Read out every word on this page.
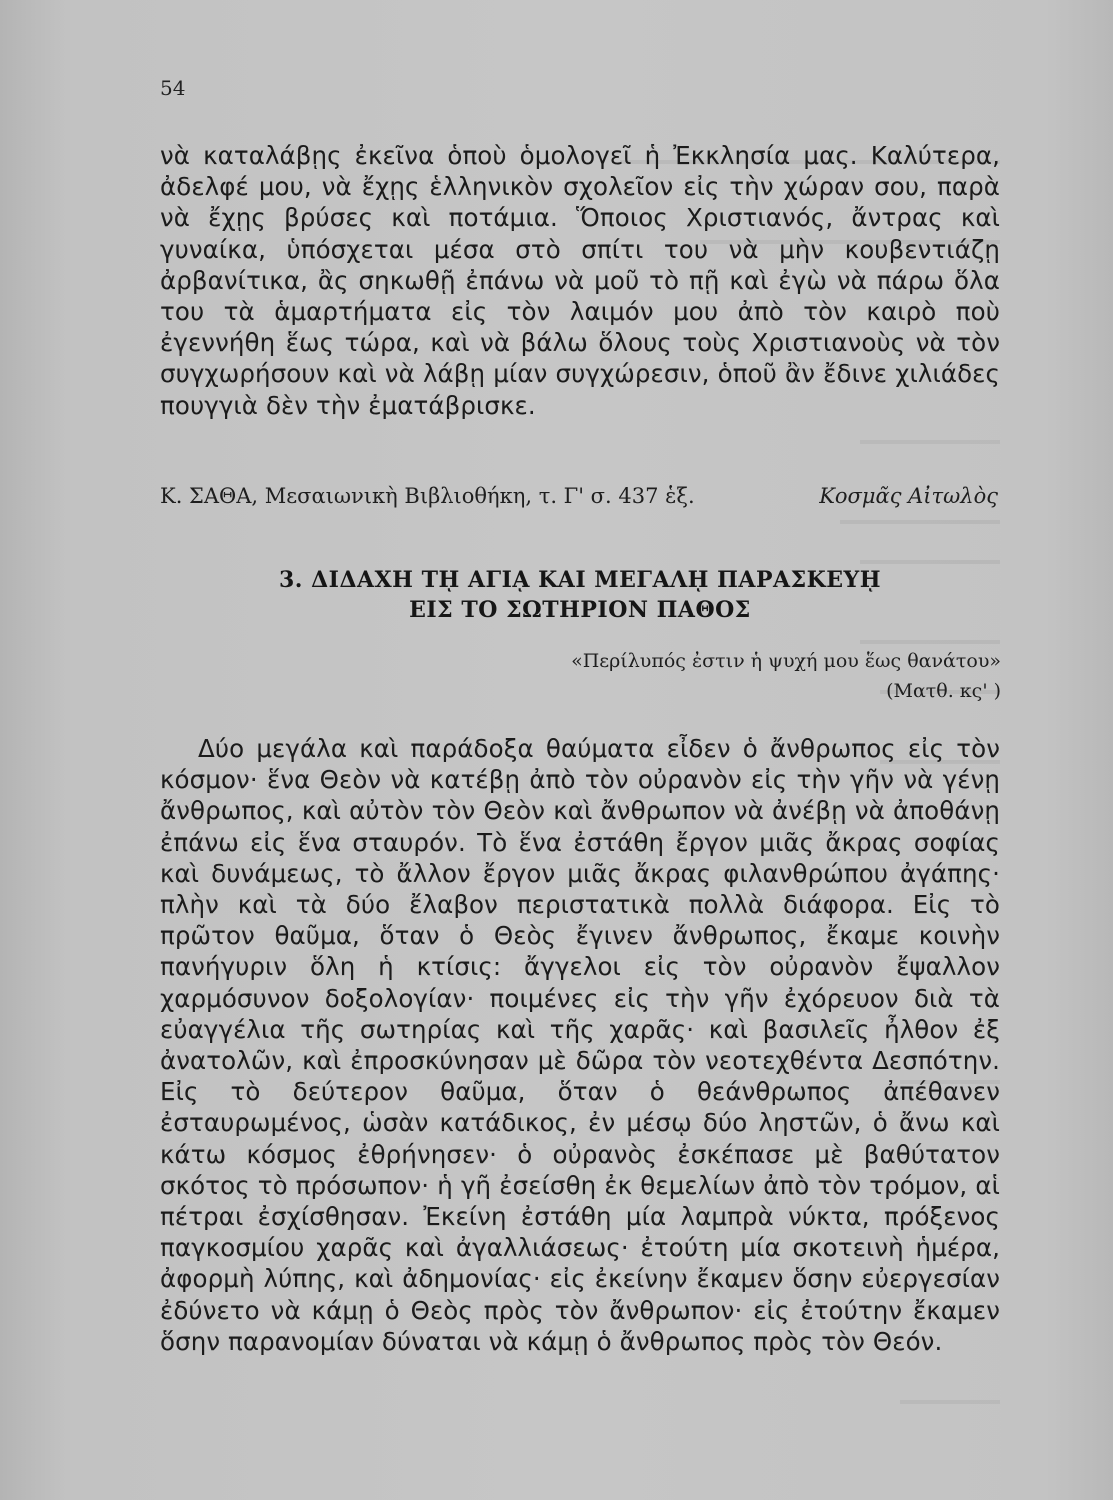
54
νὰ καταλάβῃς ἐκεῖνα ὁποὺ ὁμολογεῖ ἡ Ἐκκλησία μας. Καλύτερα, ἀδελφέ μου, νὰ ἔχῃς ἑλληνικὸν σχολεῖον εἰς τὴν χώραν σου, παρὰ νὰ ἔχῃς βρύσες καὶ ποτάμια. Ὅποιος Χριστιανός, ἄντρας καὶ γυναίκα, ὑπόσχεται μέσα στὸ σπίτι του νὰ μὴν κουβεντιάζῃ ἀρβανίτικα, ἂς σηκωθῇ ἐπάνω νὰ μοῦ τὸ πῇ καὶ ἐγὼ νὰ πάρω ὅλα του τὰ ἁμαρτήματα εἰς τὸν λαιμόν μου ἀπὸ τὸν καιρὸ ποὺ ἐγεννήθη ἕως τώρα, καὶ νὰ βάλω ὅλους τοὺς Χριστιανοὺς νὰ τὸν συγχωρήσουν καὶ νὰ λάβῃ μίαν συγχώρεσιν, ὁποῦ ἂν ἔδινε χιλιάδες πουγγιὰ δὲν τὴν ἐματάβρισκε.
Κ. ΣΑΘΑ, Μεσαιωνικὴ Βιβλιοθήκη, τ. Γ' σ. 437 ἑξ.	Κοσμᾶς Αἰτωλὸς
3. ΔΙΔΑΧΗ Τῌ ΑΓΙᾼ ΚΑΙ ΜΕΓΑΛῌ ΠΑΡΑΣΚΕΥῌ
ΕΙΣ ΤΟ ΣΩΤΗΡΙΟΝ ΠΑΘΟΣ
«Περίλυπός ἐστιν ἡ ψυχή μου ἕως θανάτου»
(Ματθ. κς' )
Δύο μεγάλα καὶ παράδοξα θαύματα εἶδεν ὁ ἄνθρωπος εἰς τὸν κόσμον· ἕνα Θεὸν νὰ κατέβῃ ἀπὸ τὸν οὐρανὸν εἰς τὴν γῆν νὰ γένῃ ἄνθρωπος, καὶ αὐτὸν τὸν Θεὸν καὶ ἄνθρωπον νὰ ἀνέβῃ νὰ ἀποθάνῃ ἐπάνω εἰς ἕνα σταυρόν. Τὸ ἕνα ἐστάθη ἔργον μιᾶς ἄκρας σοφίας καὶ δυνάμεως, τὸ ἄλλον ἔργον μιᾶς ἄκρας φιλανθρώπου ἀγάπης· πλὴν καὶ τὰ δύο ἔλαβον περιστατικὰ πολλὰ διάφορα. Εἰς τὸ πρῶτον θαῦμα, ὅταν ὁ Θεὸς ἔγινεν ἄνθρωπος, ἔκαμε κοινὴν πανήγυριν ὅλη ἡ κτίσις: ἄγγελοι εἰς τὸν οὐρανὸν ἔψαλλον χαρμόσυνον δοξολογίαν· ποιμένες εἰς τὴν γῆν ἐχόρευον διὰ τὰ εὐαγγέλια τῆς σωτηρίας καὶ τῆς χαρᾶς· καὶ βασιλεῖς ἦλθον ἐξ ἀνατολῶν, καὶ ἐπροσκύνησαν μὲ δῶρα τὸν νεοτεχθέντα Δεσπότην. Εἰς τὸ δεύτερον θαῦμα, ὅταν ὁ θεάνθρωπος ἀπέθανεν ἐσταυρωμένος, ὡσὰν κατάδικος, ἐν μέσῳ δύο ληστῶν, ὁ ἄνω καὶ κάτω κόσμος ἐθρήνησεν· ὁ οὐρανὸς ἐσκέπασε μὲ βαθύτατον σκότος τὸ πρόσωπον· ἡ γῆ ἐσείσθη ἐκ θεμελίων ἀπὸ τὸν τρόμον, αἱ πέτραι ἐσχίσθησαν. Ἐκείνη ἐστάθη μία λαμπρὰ νύκτα, πρόξενος παγκοσμίου χαρᾶς καὶ ἀγαλλιάσεως· ἐτούτη μία σκοτεινὴ ἡμέρα, ἀφορμὴ λύπης, καὶ ἀδημονίας· εἰς ἐκείνην ἔκαμεν ὅσην εὐεργεσίαν ἐδύνετο νὰ κάμῃ ὁ Θεὸς πρὸς τὸν ἄνθρωπον· εἰς ἐτούτην ἔκαμεν ὅσην παρανομίαν δύναται νὰ κάμῃ ὁ ἄνθρωπος πρὸς τὸν Θεόν.
